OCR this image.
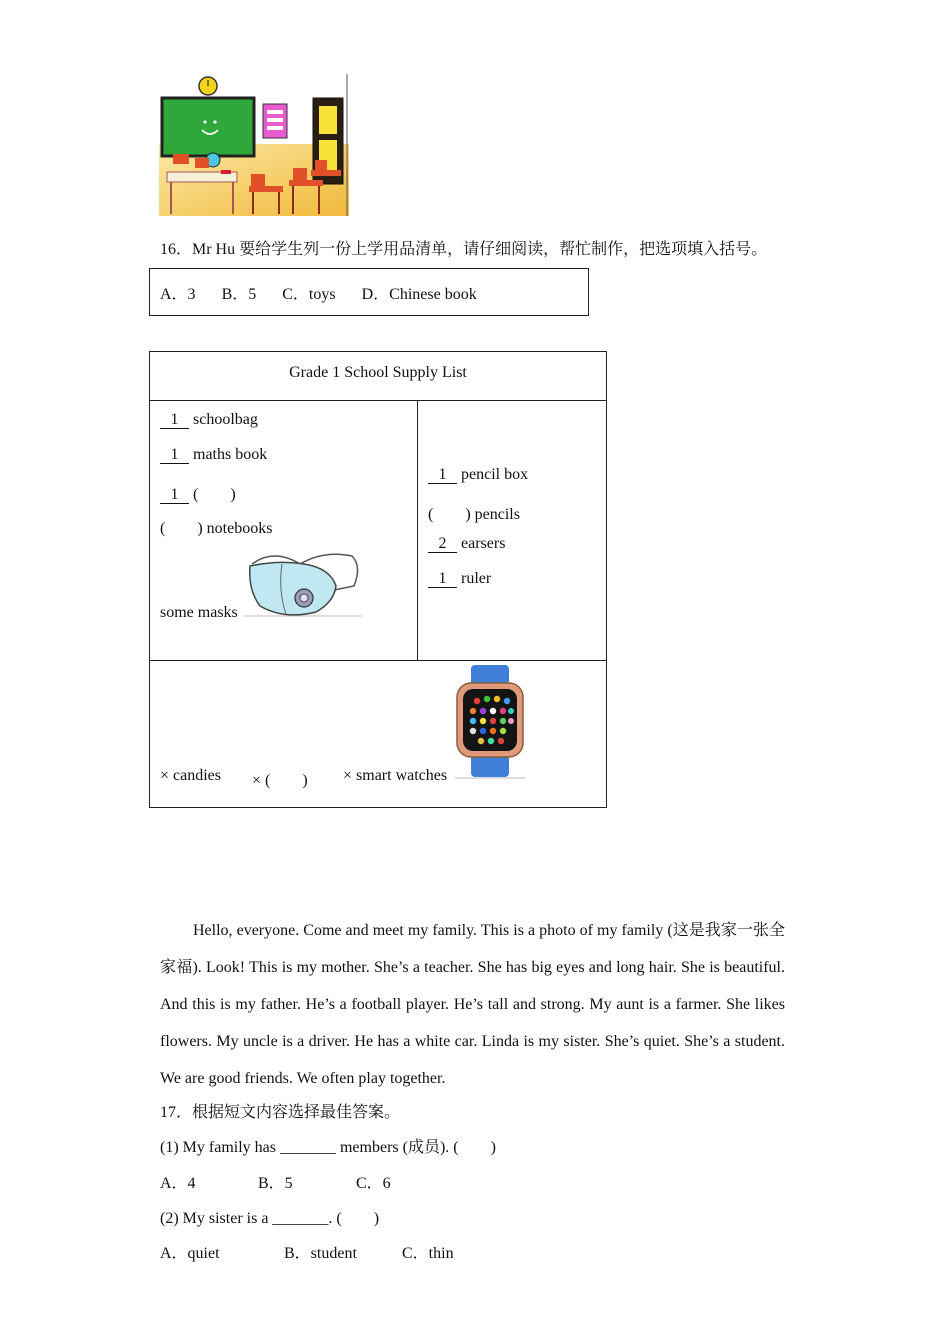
16．Mr Hu 要给学生列一份上学用品清单，请仔细阅读，帮忙制作，把选项填入括号。
A．3 B．5 C．toys D．Chinese book
Grade 1 School Supply List
1 schoolbag
1 maths book
1 (　　)
(　　) notebooks
some masks
1 pencil box
(　　) pencils
2 earsers
1 ruler
× candies × (　　) × smart watches
Hello, everyone. Come and meet my family. This is a photo of my family (这是我家一张全家福). Look! This is my mother. She’s a teacher. She has big eyes and long hair. She is beautiful. And this is my father. He’s a football player. He’s tall and strong. My aunt is a farmer. She likes flowers. My uncle is a driver. He has a white car. Linda is my sister. She’s quiet. She’s a student. We are good friends. We often play together.
17．根据短文内容选择最佳答案。
(1) My family has _______ members (成员). (　　)
A．4	B．5	C．6
(2) My sister is a _______. (　　)
A．quiet	B．student	C．thin
